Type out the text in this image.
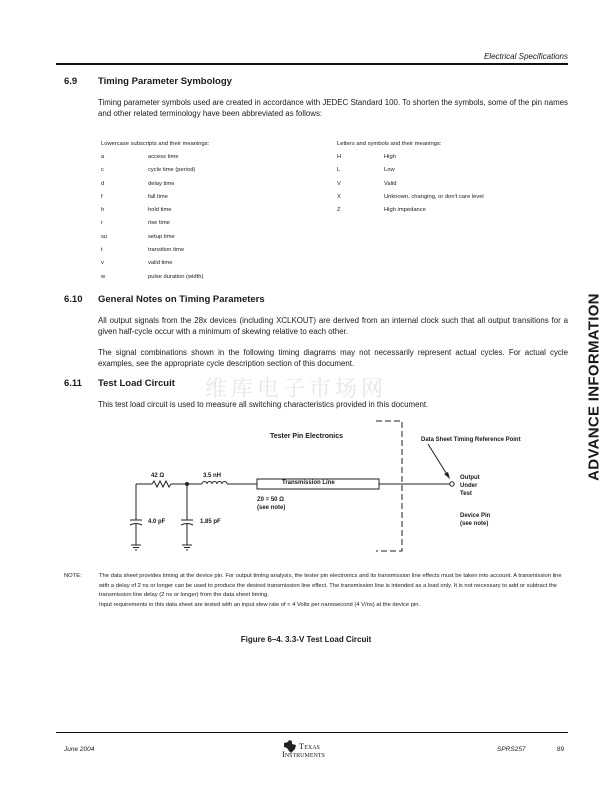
Electrical Specifications
6.9 Timing Parameter Symbology
Timing parameter symbols used are created in accordance with JEDEC Standard 100. To shorten the symbols, some of the pin names and other related terminology have been abbreviated as follows:
Lowercase subscripts and their meanings:
a	access time
c	cycle time (period)
d	delay time
f	fall time
h	hold time
r	rise time
su	setup time
t	transition time
v	valid time
w	pulse duration (width)
Letters and symbols and their meanings:
H	High
L	Low
V	Valid
X	Unknown, changing, or don't care level
Z	High impedance
6.10 General Notes on Timing Parameters
All output signals from the 28x devices (including XCLKOUT) are derived from an internal clock such that all output transitions for a given half-cycle occur with a minimum of skewing relative to each other.
The signal combinations shown in the following timing diagrams may not necessarily represent actual cycles. For actual cycle examples, see the appropriate cycle description section of this document.
维库电子市场网
6.11 Test Load Circuit
This test load circuit is used to measure all switching characteristics provided in this document.
Tester Pin Electronics	Data Sheet Timing Reference Point
42 Ω	3.5 nH
Transmission Line
Z0 = 50 Ω
(see note)
4.0 pF	1.85 pF
Output
Under
Test
Device Pin
(see note)
NOTE:	The data sheet provides timing at the device pin. For output timing analysis, the tester pin electronics and its transmission line effects must be taken into account. A transmission line with a delay of 2 ns or longer can be used to produce the desired transmission line effect. The transmission line is intended as a load only. It is not necessary to add or subtract the transmission line delay (2 ns or longer) from the data sheet timing.
Input requirements in this data sheet are tested with an input slew rate of < 4 Volts per nanosecond (4 V/ns) at the device pin.
Figure 6–4. 3.3-V Test Load Circuit
ADVANCE INFORMATION
June 2004	Texas
Instruments	SPRS257	89
